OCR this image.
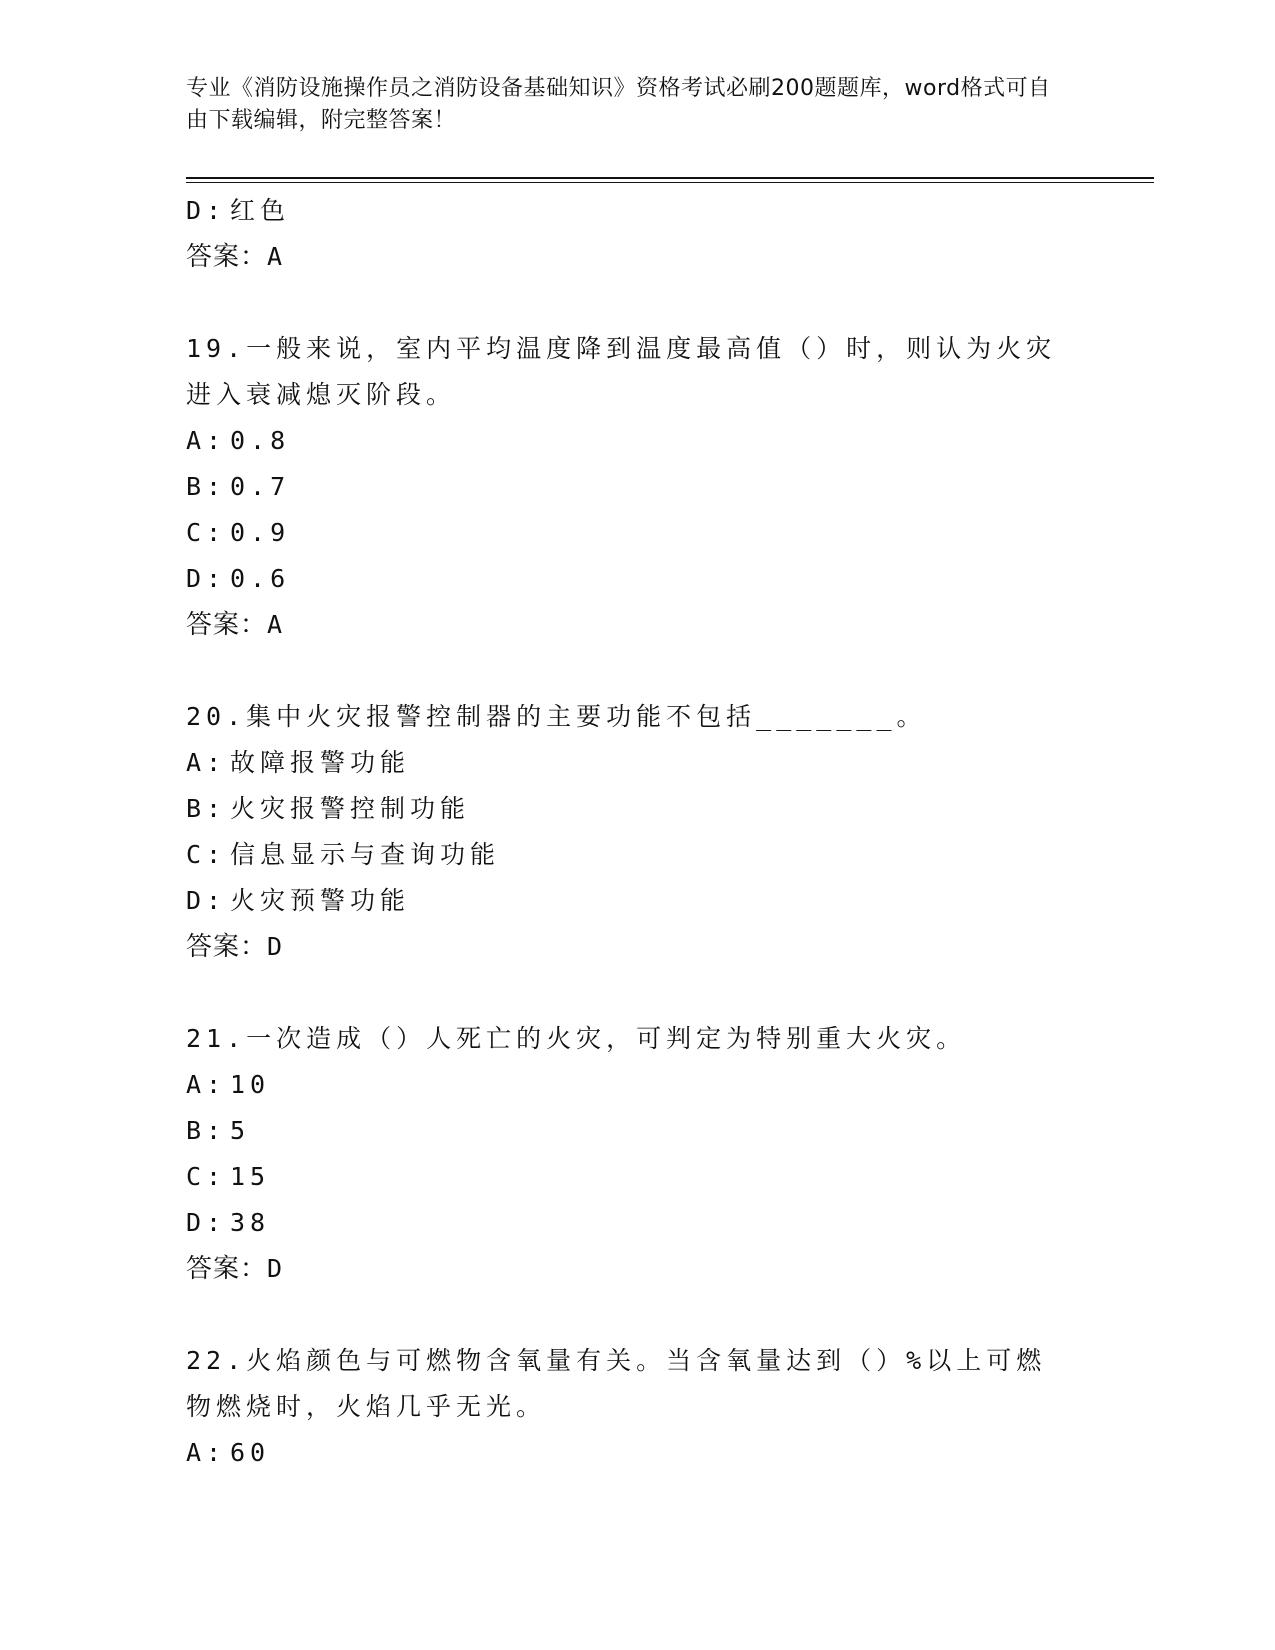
专业《消防设施操作员之消防设备基础知识》资格考试必刷200题题库，word格式可自由下载编辑，附完整答案！
D: 红色
答案：A
19.一般来说，室内平均温度降到温度最高值（）时，则认为火灾进入衰减熄灭阶段。
A: 0.8
B: 0.7
C: 0.9
D: 0.6
答案：A
20.集中火灾报警控制器的主要功能不包括_______。
A: 故障报警功能
B: 火灾报警控制功能
C: 信息显示与查询功能
D: 火灾预警功能
答案：D
21.一次造成（）人死亡的火灾，可判定为特别重大火灾。
A: 10
B: 5
C: 15
D: 38
答案：D
22.火焰颜色与可燃物含氧量有关。当含氧量达到（）%以上可燃物燃烧时，火焰几乎无光。
A: 60
